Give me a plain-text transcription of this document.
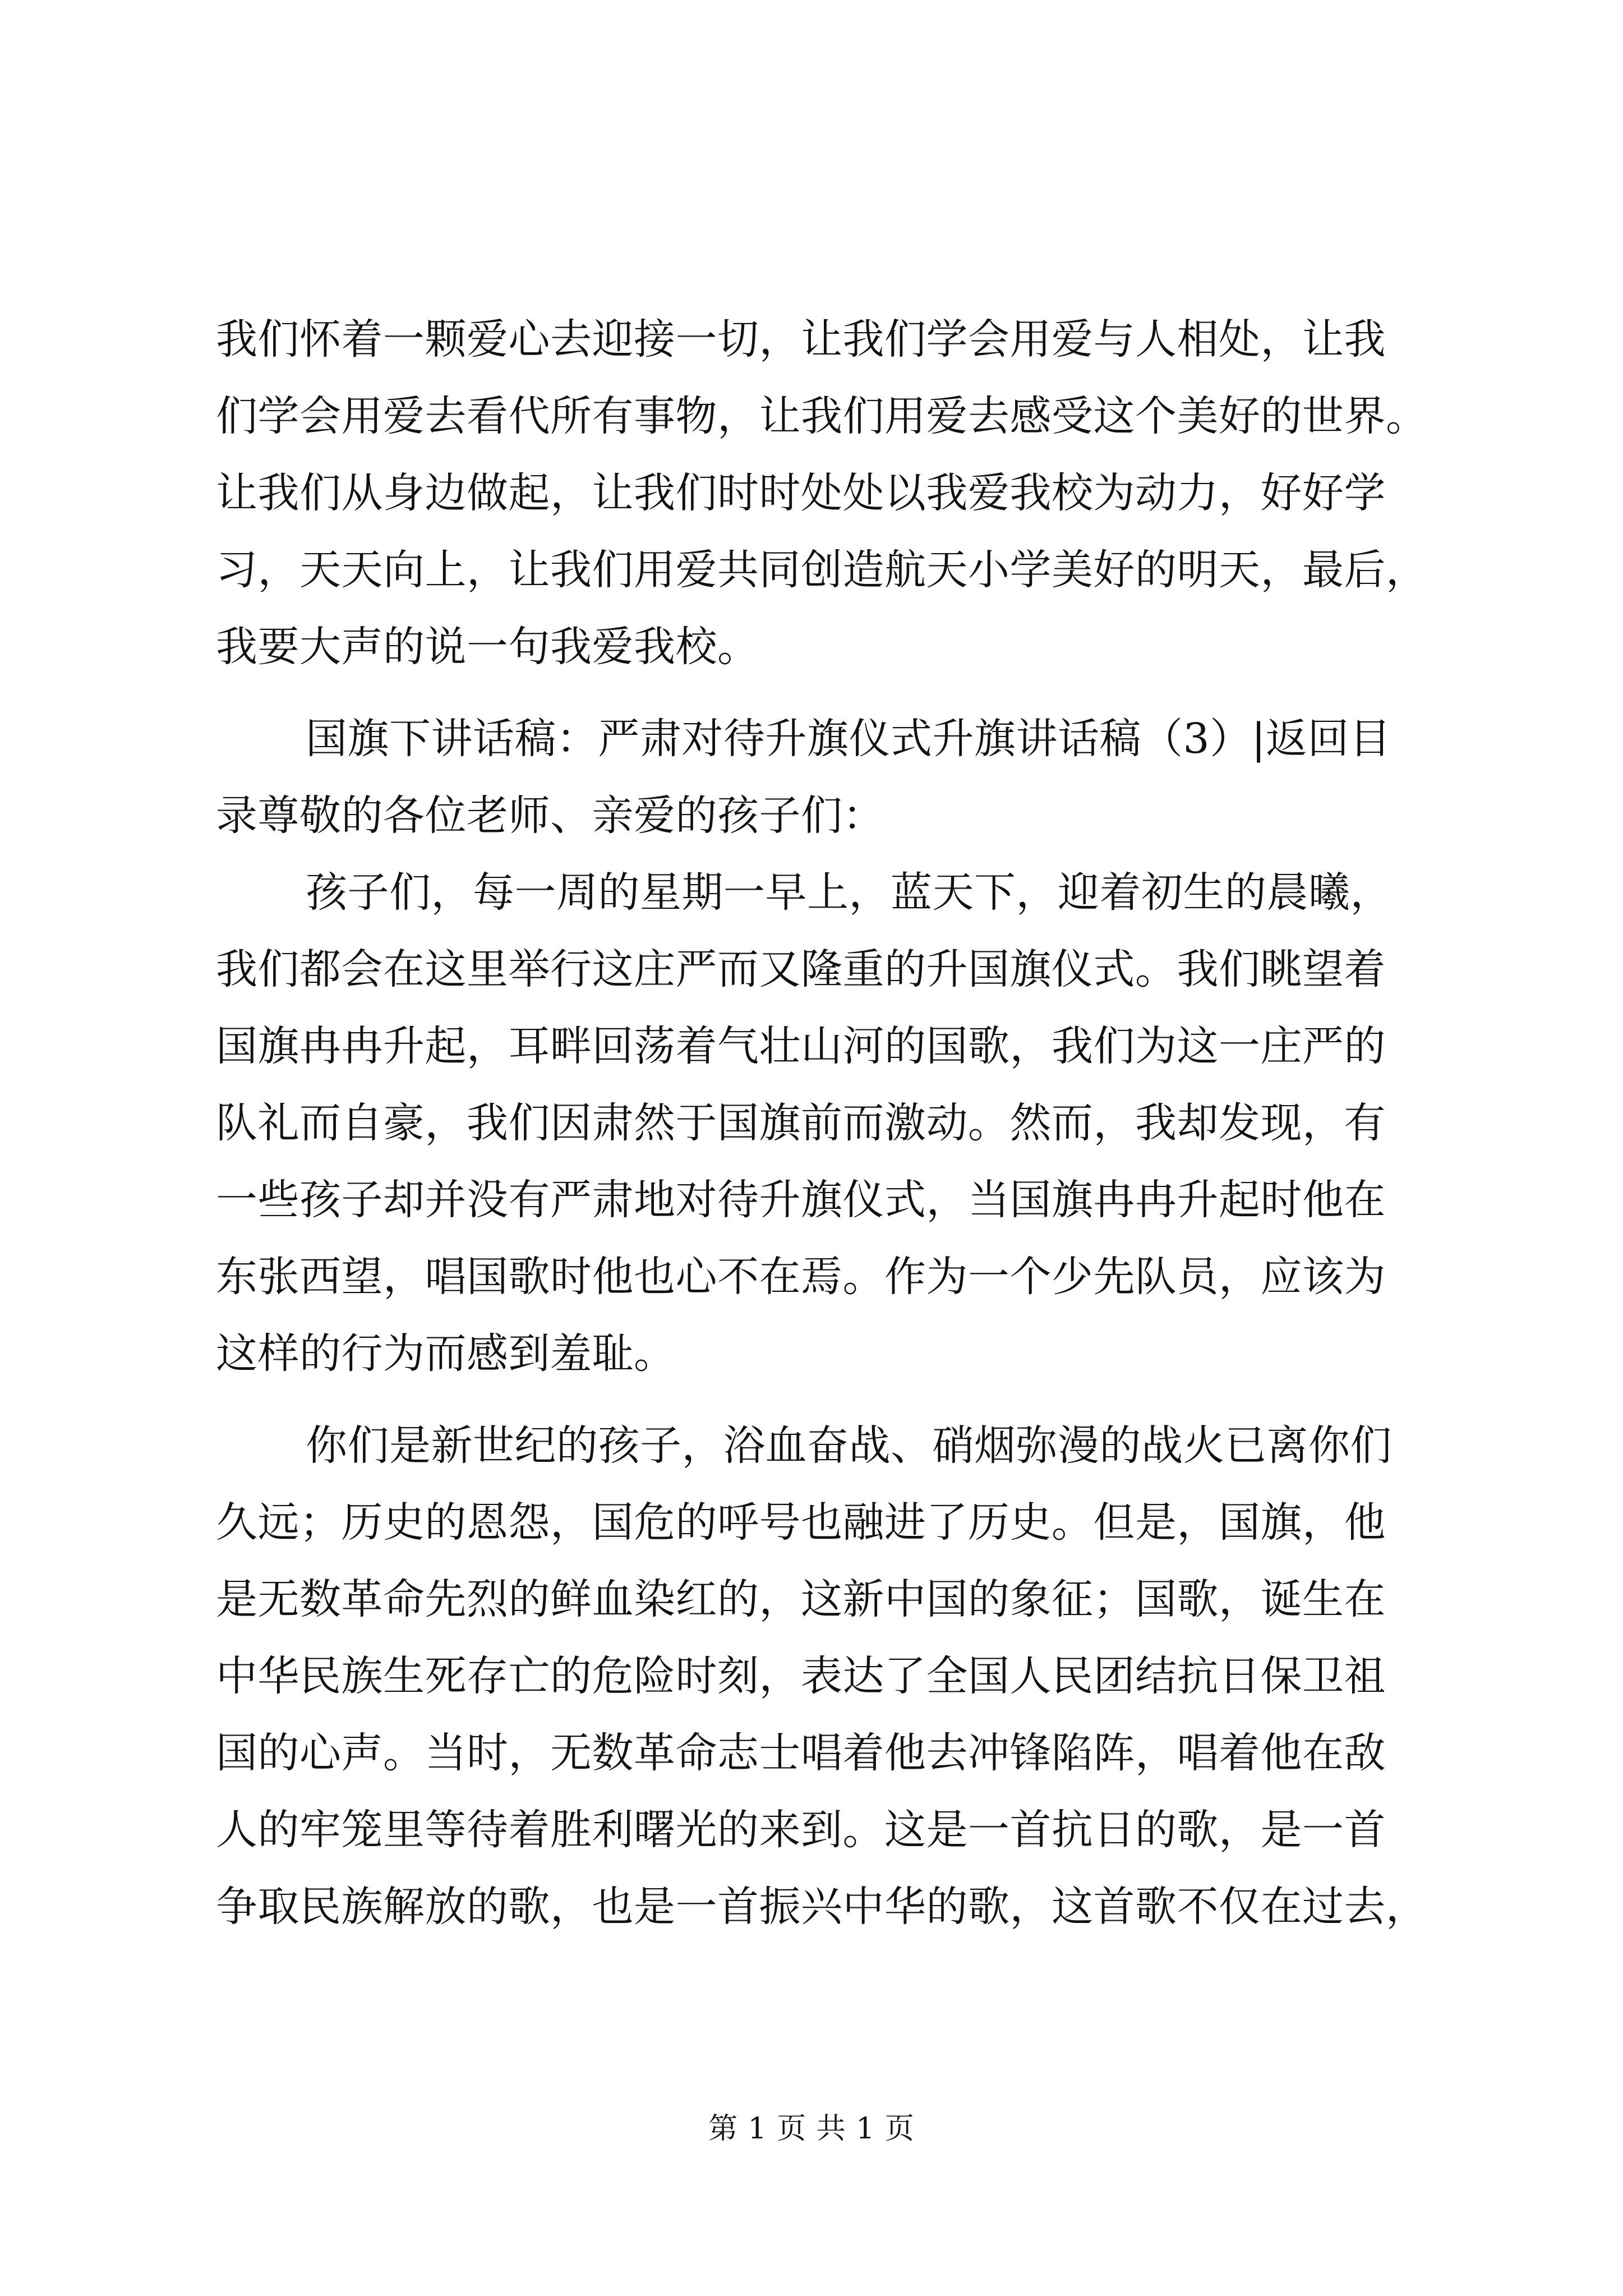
我们怀着一颗爱心去迎接一切，让我们学会用爱与人相处，让我
们学会用爱去看代所有事物，让我们用爱去感受这个美好的世界。
让我们从身边做起，让我们时时处处以我爱我校为动力，好好学
习，天天向上，让我们用爱共同创造航天小学美好的明天，最后，
我要大声的说一句我爱我校。
国旗下讲话稿：严肃对待升旗仪式升旗讲话稿（3）|返回目
录尊敬的各位老师、亲爱的孩子们：
孩子们，每一周的星期一早上，蓝天下，迎着初生的晨曦，
我们都会在这里举行这庄严而又隆重的升国旗仪式。我们眺望着
国旗冉冉升起，耳畔回荡着气壮山河的国歌，我们为这一庄严的
队礼而自豪，我们因肃然于国旗前而激动。然而，我却发现，有
一些孩子却并没有严肃地对待升旗仪式，当国旗冉冉升起时他在
东张西望，唱国歌时他也心不在焉。作为一个少先队员，应该为
这样的行为而感到羞耻。
你们是新世纪的孩子，浴血奋战、硝烟弥漫的战火已离你们
久远；历史的恩怨，国危的呼号也融进了历史。但是，国旗，他
是无数革命先烈的鲜血染红的，这新中国的象征；国歌，诞生在
中华民族生死存亡的危险时刻，表达了全国人民团结抗日保卫祖
国的心声。当时，无数革命志士唱着他去冲锋陷阵，唱着他在敌
人的牢笼里等待着胜利曙光的来到。这是一首抗日的歌，是一首
争取民族解放的歌，也是一首振兴中华的歌，这首歌不仅在过去，
第 1 页 共 1 页
